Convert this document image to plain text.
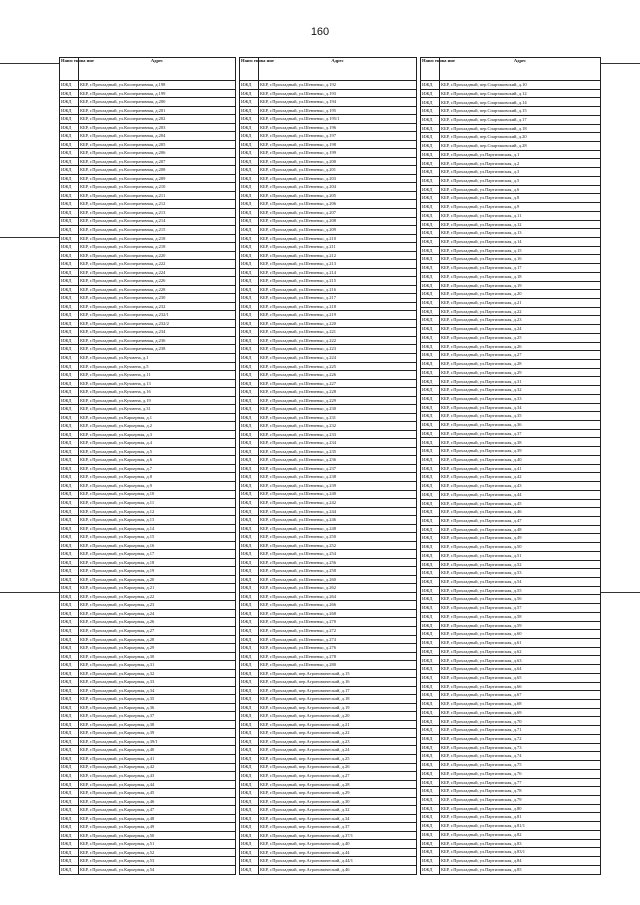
160
Наим енова ние	Адрес
ИЖД	КБР, г.Прохладный, ул.Кооперативная, д.198
ИЖД	КБР, г.Прохладный, ул.Кооперативная, д.199
ИЖД	КБР, г.Прохладный, ул.Кооперативная, д.200
ИЖД	КБР, г.Прохладный, ул.Кооперативная, д.201
ИЖД	КБР, г.Прохладный, ул.Кооперативная, д.202
ИЖД	КБР, г.Прохладный, ул.Кооперативная, д.203
ИЖД	КБР, г.Прохладный, ул.Кооперативная, д.204
ИЖД	КБР, г.Прохладный, ул.Кооперативная, д.205
ИЖД	КБР, г.Прохладный, ул.Кооперативная, д.206
ИЖД	КБР, г.Прохладный, ул.Кооперативная, д.207
ИЖД	КБР, г.Прохладный, ул.Кооперативная, д.208
ИЖД	КБР, г.Прохладный, ул.Кооперативная, д.209
ИЖД	КБР, г.Прохладный, ул.Кооперативная, д.210
ИЖД	КБР, г.Прохладный, ул.Кооперативная, д.211
ИЖД	КБР, г.Прохладный, ул.Кооперативная, д.212
ИЖД	КБР, г.Прохладный, ул.Кооперативная, д.213
ИЖД	КБР, г.Прохладный, ул.Кооперативная, д.214
ИЖД	КБР, г.Прохладный, ул.Кооперативная, д.215
ИЖД	КБР, г.Прохладный, ул.Кооперативная, д.218
ИЖД	КБР, г.Прохладный, ул.Кооперативная, д.218
ИЖД	КБР, г.Прохладный, ул.Кооперативная, д.220
ИЖД	КБР, г.Прохладный, ул.Кооперативная, д.222
ИЖД	КБР, г.Прохладный, ул.Кооперативная, д.224
ИЖД	КБР, г.Прохладный, ул.Кооперативная, д.226
ИЖД	КБР, г.Прохладный, ул.Кооперативная, д.228
ИЖД	КБР, г.Прохладный, ул.Кооперативная, д.230
ИЖД	КБР, г.Прохладный, ул.Кооперативная, д.232
ИЖД	КБР, г.Прохладный, ул.Кооперативная, д.232/1
ИЖД	КБР, г.Прохладный, ул.Кооперативная, д.232/2
ИЖД	КБР, г.Прохладный, ул.Кооперативная, д.234
ИЖД	КБР, г.Прохладный, ул.Кооперативная, д.236
ИЖД	КБР, г.Прохладный, ул.Кооперативная, д.238
ИЖД	КБР, г.Прохладный, ул.Кучмена, д.1
ИЖД	КБР, г.Прохладный, ул.Кучмена, д.5
ИЖД	КБР, г.Прохладный, ул.Кучмена, д.11
ИЖД	КБР, г.Прохладный, ул.Кучмена, д.13
ИЖД	КБР, г.Прохладный, ул.Кучмена, д.16
ИЖД	КБР, г.Прохладный, ул.Кучмена, д.19
ИЖД	КБР, г.Прохладный, ул.Кучмена, д.31
ИЖД	КБР, г.Прохладный, ул.Карьерная, д.1
ИЖД	КБР, г.Прохладный, ул.Карьерная, д.2
ИЖД	КБР, г.Прохладный, ул.Карьерная, д.3
ИЖД	КБР, г.Прохладный, ул.Карьерная, д.4
ИЖД	КБР, г.Прохладный, ул.Карьерная, д.5
ИЖД	КБР, г.Прохладный, ул.Карьерная, д.6
ИЖД	КБР, г.Прохладный, ул.Карьерная, д.7
ИЖД	КБР, г.Прохладный, ул.Карьерная, д.8
ИЖД	КБР, г.Прохладный, ул.Карьерная, д.9
ИЖД	КБР, г.Прохладный, ул.Карьерная, д.10
ИЖД	КБР, г.Прохладный, ул.Карьерная, д.11
ИЖД	КБР, г.Прохладный, ул.Карьерная, д.12
ИЖД	КБР, г.Прохладный, ул.Карьерная, д.13
ИЖД	КБР, г.Прохладный, ул.Карьерная, д.14
ИЖД	КБР, г.Прохладный, ул.Карьерная, д.15
ИЖД	КБР, г.Прохладный, ул.Карьерная, д.16
ИЖД	КБР, г.Прохладный, ул.Карьерная, д.17
ИЖД	КБР, г.Прохладный, ул.Карьерная, д.18
ИЖД	КБР, г.Прохладный, ул.Карьерная, д.19
ИЖД	КБР, г.Прохладный, ул.Карьерная, д.20
ИЖД	КБР, г.Прохладный, ул.Карьерная, д.21
ИЖД	КБР, г.Прохладный, ул.Карьерная, д.22
ИЖД	КБР, г.Прохладный, ул.Карьерная, д.23
ИЖД	КБР, г.Прохладный, ул.Карьерная, д.24
ИЖД	КБР, г.Прохладный, ул.Карьерная, д.26
ИЖД	КБР, г.Прохладный, ул.Карьерная, д.27
ИЖД	КБР, г.Прохладный, ул.Карьерная, д.28
ИЖД	КБР, г.Прохладный, ул.Карьерная, д.29
ИЖД	КБР, г.Прохладный, ул.Карьерная, д.30
ИЖД	КБР, г.Прохладный, ул.Карьерная, д.31
ИЖД	КБР, г.Прохладный, ул.Карьерная, д.32
ИЖД	КБР, г.Прохладный, ул.Карьерная, д.33
ИЖД	КБР, г.Прохладный, ул.Карьерная, д.34
ИЖД	КБР, г.Прохладный, ул.Карьерная, д.35
ИЖД	КБР, г.Прохладный, ул.Карьерная, д.36
ИЖД	КБР, г.Прохладный, ул.Карьерная, д.37
ИЖД	КБР, г.Прохладный, ул.Карьерная, д.38
ИЖД	КБР, г.Прохладный, ул.Карьерная, д.39
ИЖД	КБР, г.Прохладный, ул.Карьерная, д.39/1
ИЖД	КБР, г.Прохладный, ул.Карьерная, д.40
ИЖД	КБР, г.Прохладный, ул.Карьерная, д.41
ИЖД	КБР, г.Прохладный, ул.Карьерная, д.42
ИЖД	КБР, г.Прохладный, ул.Карьерная, д.43
ИЖД	КБР, г.Прохладный, ул.Карьерная, д.44
ИЖД	КБР, г.Прохладный, ул.Карьерная, д.45
ИЖД	КБР, г.Прохладный, ул.Карьерная, д.46
ИЖД	КБР, г.Прохладный, ул.Карьерная, д.47
ИЖД	КБР, г.Прохладный, ул.Карьерная, д.48
ИЖД	КБР, г.Прохладный, ул.Карьерная, д.49
ИЖД	КБР, г.Прохладный, ул.Карьерная, д.50
ИЖД	КБР, г.Прохладный, ул.Карьерная, д.51
ИЖД	КБР, г.Прохладный, ул.Карьерная, д.52
ИЖД	КБР, г.Прохладный, ул.Карьерная, д.53
ИЖД	КБР, г.Прохладный, ул.Карьерная, д.54
Наим енова ние	Адрес
ИЖД	КБР, г.Прохладный, ул.Шевченко, д.192
ИЖД	КБР, г.Прохладный, ул.Шевченко, д.193
ИЖД	КБР, г.Прохладный, ул.Шевченко, д.194
ИЖД	КБР, г.Прохладный, ул.Шевченко, д.195
ИЖД	КБР, г.Прохладный, ул.Шевченко, д.195/1
ИЖД	КБР, г.Прохладный, ул.Шевченко, д.196
ИЖД	КБР, г.Прохладный, ул.Шевченко, д.197
ИЖД	КБР, г.Прохладный, ул.Шевченко, д.198
ИЖД	КБР, г.Прохладный, ул.Шевченко, д.199
ИЖД	КБР, г.Прохладный, ул.Шевченко, д.200
ИЖД	КБР, г.Прохладный, ул.Шевченко, д.201
ИЖД	КБР, г.Прохладный, ул.Шевченко, д.203
ИЖД	КБР, г.Прохладный, ул.Шевченко, д.204
ИЖД	КБР, г.Прохладный, ул.Шевченко, д.205
ИЖД	КБР, г.Прохладный, ул.Шевченко, д.206
ИЖД	КБР, г.Прохладный, ул.Шевченко, д.207
ИЖД	КБР, г.Прохладный, ул.Шевченко, д.208
ИЖД	КБР, г.Прохладный, ул.Шевченко, д.209
ИЖД	КБР, г.Прохладный, ул.Шевченко, д.210
ИЖД	КБР, г.Прохладный, ул.Шевченко, д.211
ИЖД	КБР, г.Прохладный, ул.Шевченко, д.212
ИЖД	КБР, г.Прохладный, ул.Шевченко, д.213
ИЖД	КБР, г.Прохладный, ул.Шевченко, д.214
ИЖД	КБР, г.Прохладный, ул.Шевченко, д.215
ИЖД	КБР, г.Прохладный, ул.Шевченко, д.216
ИЖД	КБР, г.Прохладный, ул.Шевченко, д.217
ИЖД	КБР, г.Прохладный, ул.Шевченко, д.218
ИЖД	КБР, г.Прохладный, ул.Шевченко, д.219
ИЖД	КБР, г.Прохладный, ул.Шевченко, д.220
ИЖД	КБР, г.Прохладный, ул.Шевченко, д.221
ИЖД	КБР, г.Прохладный, ул.Шевченко, д.222
ИЖД	КБР, г.Прохладный, ул.Шевченко, д.223
ИЖД	КБР, г.Прохладный, ул.Шевченко, д.224
ИЖД	КБР, г.Прохладный, ул.Шевченко, д.225
ИЖД	КБР, г.Прохладный, ул.Шевченко, д.226
ИЖД	КБР, г.Прохладный, ул.Шевченко, д.227
ИЖД	КБР, г.Прохладный, ул.Шевченко, д.228
ИЖД	КБР, г.Прохладный, ул.Шевченко, д.229
ИЖД	КБР, г.Прохладный, ул.Шевченко, д.230
ИЖД	КБР, г.Прохладный, ул.Шевченко, д.231
ИЖД	КБР, г.Прохладный, ул.Шевченко, д.232
ИЖД	КБР, г.Прохладный, ул.Шевченко, д.233
ИЖД	КБР, г.Прохладный, ул.Шевченко, д.234
ИЖД	КБР, г.Прохладный, ул.Шевченко, д.235
ИЖД	КБР, г.Прохладный, ул.Шевченко, д.236
ИЖД	КБР, г.Прохладный, ул.Шевченко, д.237
ИЖД	КБР, г.Прохладный, ул.Шевченко, д.238
ИЖД	КБР, г.Прохладный, ул.Шевченко, д.239
ИЖД	КБР, г.Прохладный, ул.Шевченко, д.240
ИЖД	КБР, г.Прохладный, ул.Шевченко, д.242
ИЖД	КБР, г.Прохладный, ул.Шевченко, д.244
ИЖД	КБР, г.Прохладный, ул.Шевченко, д.246
ИЖД	КБР, г.Прохладный, ул.Шевченко, д.248
ИЖД	КБР, г.Прохладный, ул.Шевченко, д.250
ИЖД	КБР, г.Прохладный, ул.Шевченко, д.252
ИЖД	КБР, г.Прохладный, ул.Шевченко, д.254
ИЖД	КБР, г.Прохладный, ул.Шевченко, д.256
ИЖД	КБР, г.Прохладный, ул.Шевченко, д.258
ИЖД	КБР, г.Прохладный, ул.Шевченко, д.260
ИЖД	КБР, г.Прохладный, ул.Шевченко, д.262
ИЖД	КБР, г.Прохладный, ул.Шевченко, д.264
ИЖД	КБР, г.Прохладный, ул.Шевченко, д.266
ИЖД	КБР, г.Прохладный, ул.Шевченко, д.268
ИЖД	КБР, г.Прохладный, ул.Шевченко, д.270
ИЖД	КБР, г.Прохладный, ул.Шевченко, д.272
ИЖД	КБР, г.Прохладный, ул.Шевченко, д.274
ИЖД	КБР, г.Прохладный, ул.Шевченко, д.276
ИЖД	КБР, г.Прохладный, ул.Шевченко, д.278
ИЖД	КБР, г.Прохладный, ул.Шевченко, д.280
ИЖД	КБР, г.Прохладный, пер.Агрономический, д.15
ИЖД	КБР, г.Прохладный, пер.Агрономический, д.16
ИЖД	КБР, г.Прохладный, пер.Агрономический, д.17
ИЖД	КБР, г.Прохладный, пер.Агрономический, д.18
ИЖД	КБР, г.Прохладный, пер.Агрономический, д.19
ИЖД	КБР, г.Прохладный, пер.Агрономический, д.20
ИЖД	КБР, г.Прохладный, пер.Агрономический, д.21
ИЖД	КБР, г.Прохладный, пер.Агрономический, д.22
ИЖД	КБР, г.Прохладный, пер.Агрономический, д.23
ИЖД	КБР, г.Прохладный, пер.Агрономический, д.24
ИЖД	КБР, г.Прохладный, пер.Агрономический, д.25
ИЖД	КБР, г.Прохладный, пер.Агрономический, д.26
ИЖД	КБР, г.Прохладный, пер.Агрономический, д.27
ИЖД	КБР, г.Прохладный, пер.Агрономический, д.28
ИЖД	КБР, г.Прохладный, пер.Агрономический, д.29
ИЖД	КБР, г.Прохладный, пер.Агрономический, д.30
ИЖД	КБР, г.Прохладный, пер.Агрономический, д.32
ИЖД	КБР, г.Прохладный, пер.Агрономический, д.34
ИЖД	КБР, г.Прохладный, пер.Агрономический, д.37
ИЖД	КБР, г.Прохладный, пер.Агрономический, д.37/1
ИЖД	КБР, г.Прохладный, пер.Агрономический, д.40
ИЖД	КБР, г.Прохладный, пер.Агрономический, д.44
ИЖД	КБР, г.Прохладный, пер.Агрономический, д.44/1
ИЖД	КБР, г.Прохладный, пер.Агрономический, д.46
Наим енова ние	Адрес
ИЖД	КБР, г.Прохладный, пер.Спартаковский, д.10
ИЖД	КБР, г.Прохладный, пер.Спартаковский, д.12
ИЖД	КБР, г.Прохладный, пер.Спартаковский, д.14
ИЖД	КБР, г.Прохладный, пер.Спартаковский, д.15
ИЖД	КБР, г.Прохладный, пер.Спартаковский, д.17
ИЖД	КБР, г.Прохладный, пер.Спартаковский, д.18
ИЖД	КБР, г.Прохладный, пер.Спартаковский, д.20
ИЖД	КБР, г.Прохладный, пер.Спартаковский, д.28
ИЖД	КБР, г.Прохладный, ул.Партизанская, д.1
ИЖД	КБР, г.Прохладный, ул.Партизанская, д.2
ИЖД	КБР, г.Прохладный, ул.Партизанская, д.3
ИЖД	КБР, г.Прохладный, ул.Партизанская, д.5
ИЖД	КБР, г.Прохладный, ул.Партизанская, д.6
ИЖД	КБР, г.Прохладный, ул.Партизанская, д.8
ИЖД	КБР, г.Прохладный, ул.Партизанская, д.9
ИЖД	КБР, г.Прохладный, ул.Партизанская, д.11
ИЖД	КБР, г.Прохладный, ул.Партизанская, д.12
ИЖД	КБР, г.Прохладный, ул.Партизанская, д.13
ИЖД	КБР, г.Прохладный, ул.Партизанская, д.14
ИЖД	КБР, г.Прохладный, ул.Партизанская, д.15
ИЖД	КБР, г.Прохладный, ул.Партизанская, д.16
ИЖД	КБР, г.Прохладный, ул.Партизанская, д.17
ИЖД	КБР, г.Прохладный, ул.Партизанская, д.18
ИЖД	КБР, г.Прохладный, ул.Партизанская, д.19
ИЖД	КБР, г.Прохладный, ул.Партизанская, д.20
ИЖД	КБР, г.Прохладный, ул.Партизанская, д.21
ИЖД	КБР, г.Прохладный, ул.Партизанская, д.22
ИЖД	КБР, г.Прохладный, ул.Партизанская, д.23
ИЖД	КБР, г.Прохладный, ул.Партизанская, д.24
ИЖД	КБР, г.Прохладный, ул.Партизанская, д.25
ИЖД	КБР, г.Прохладный, ул.Партизанская, д.26
ИЖД	КБР, г.Прохладный, ул.Партизанская, д.27
ИЖД	КБР, г.Прохладный, ул.Партизанская, д.28
ИЖД	КБР, г.Прохладный, ул.Партизанская, д.29
ИЖД	КБР, г.Прохладный, ул.Партизанская, д.31
ИЖД	КБР, г.Прохладный, ул.Партизанская, д.32
ИЖД	КБР, г.Прохладный, ул.Партизанская, д.33
ИЖД	КБР, г.Прохладный, ул.Партизанская, д.34
ИЖД	КБР, г.Прохладный, ул.Партизанская, д.35
ИЖД	КБР, г.Прохладный, ул.Партизанская, д.36
ИЖД	КБР, г.Прохладный, ул.Партизанская, д.37
ИЖД	КБР, г.Прохладный, ул.Партизанская, д.38
ИЖД	КБР, г.Прохладный, ул.Партизанская, д.39
ИЖД	КБР, г.Прохладный, ул.Партизанская, д.40
ИЖД	КБР, г.Прохладный, ул.Партизанская, д.41
ИЖД	КБР, г.Прохладный, ул.Партизанская, д.42
ИЖД	КБР, г.Прохладный, ул.Партизанская, д.43
ИЖД	КБР, г.Прохладный, ул.Партизанская, д.44
ИЖД	КБР, г.Прохладный, ул.Партизанская, д.45
ИЖД	КБР, г.Прохладный, ул.Партизанская, д.46
ИЖД	КБР, г.Прохладный, ул.Партизанская, д.47
ИЖД	КБР, г.Прохладный, ул.Партизанская, д.48
ИЖД	КБР, г.Прохладный, ул.Партизанская, д.49
ИЖД	КБР, г.Прохладный, ул.Партизанская, д.50
ИЖД	КБР, г.Прохладный, ул.Партизанская, д.51
ИЖД	КБР, г.Прохладный, ул.Партизанская, д.52
ИЖД	КБР, г.Прохладный, ул.Партизанская, д.53
ИЖД	КБР, г.Прохладный, ул.Партизанская, д.54
ИЖД	КБР, г.Прохладный, ул.Партизанская, д.55
ИЖД	КБР, г.Прохладный, ул.Партизанская, д.56
ИЖД	КБР, г.Прохладный, ул.Партизанская, д.57
ИЖД	КБР, г.Прохладный, ул.Партизанская, д.58
ИЖД	КБР, г.Прохладный, ул.Партизанская, д.59
ИЖД	КБР, г.Прохладный, ул.Партизанская, д.60
ИЖД	КБР, г.Прохладный, ул.Партизанская, д.61
ИЖД	КБР, г.Прохладный, ул.Партизанская, д.62
ИЖД	КБР, г.Прохладный, ул.Партизанская, д.63
ИЖД	КБР, г.Прохладный, ул.Партизанская, д.64
ИЖД	КБР, г.Прохладный, ул.Партизанская, д.65
ИЖД	КБР, г.Прохладный, ул.Партизанская, д.66
ИЖД	КБР, г.Прохладный, ул.Партизанская, д.67
ИЖД	КБР, г.Прохладный, ул.Партизанская, д.68
ИЖД	КБР, г.Прохладный, ул.Партизанская, д.69
ИЖД	КБР, г.Прохладный, ул.Партизанская, д.70
ИЖД	КБР, г.Прохладный, ул.Партизанская, д.71
ИЖД	КБР, г.Прохладный, ул.Партизанская, д.72
ИЖД	КБР, г.Прохладный, ул.Партизанская, д.73
ИЖД	КБР, г.Прохладный, ул.Партизанская, д.74
ИЖД	КБР, г.Прохладный, ул.Партизанская, д.75
ИЖД	КБР, г.Прохладный, ул.Партизанская, д.76
ИЖД	КБР, г.Прохладный, ул.Партизанская, д.77
ИЖД	КБР, г.Прохладный, ул.Партизанская, д.78
ИЖД	КБР, г.Прохладный, ул.Партизанская, д.79
ИЖД	КБР, г.Прохладный, ул.Партизанская, д.80
ИЖД	КБР, г.Прохладный, ул.Партизанская, д.81
ИЖД	КБР, г.Прохладный, ул.Партизанская, д.81/1
ИЖД	КБР, г.Прохладный, ул.Партизанская, д.82
ИЖД	КБР, г.Прохладный, ул.Партизанская, д.83
ИЖД	КБР, г.Прохладный, ул.Партизанская, д.83/1
ИЖД	КБР, г.Прохладный, ул.Партизанская, д.84
ИЖД	КБР, г.Прохладный, ул.Партизанская, д.85
